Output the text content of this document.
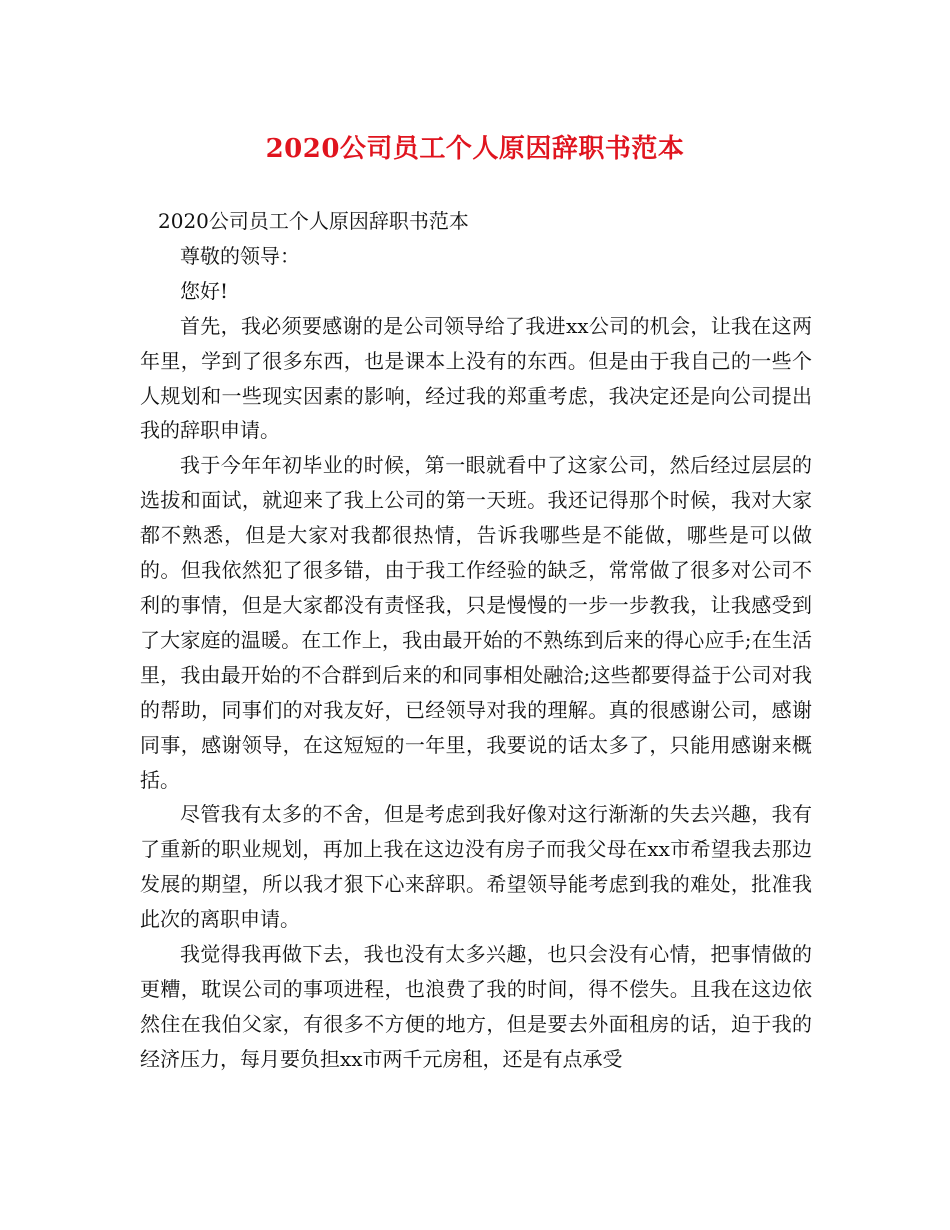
2020公司员工个人原因辞职书范本

2020公司员工个人原因辞职书范本

尊敬的领导：

您好!

首先，我必须要感谢的是公司领导给了我进xx公司的机会，让我在这两年里，学到了很多东西，也是课本上没有的东西。但是由于我自己的一些个人规划和一些现实因素的影响，经过我的郑重考虑，我决定还是向公司提出我的辞职申请。

我于今年年初毕业的时候，第一眼就看中了这家公司，然后经过层层的选拔和面试，就迎来了我上公司的第一天班。我还记得那个时候，我对大家都不熟悉，但是大家对我都很热情，告诉我哪些是不能做，哪些是可以做的。但我依然犯了很多错，由于我工作经验的缺乏，常常做了很多对公司不利的事情，但是大家都没有责怪我，只是慢慢的一步一步教我，让我感受到了大家庭的温暖。在工作上，我由最开始的不熟练到后来的得心应手;在生活里，我由最开始的不合群到后来的和同事相处融洽;这些都要得益于公司对我的帮助，同事们的对我友好，已经领导对我的理解。真的很感谢公司，感谢同事，感谢领导，在这短短的一年里，我要说的话太多了，只能用感谢来概括。

尽管我有太多的不舍，但是考虑到我好像对这行渐渐的失去兴趣，我有了重新的职业规划，再加上我在这边没有房子而我父母在xx市希望我去那边发展的期望，所以我才狠下心来辞职。希望领导能考虑到我的难处，批准我此次的离职申请。

我觉得我再做下去，我也没有太多兴趣，也只会没有心情，把事情做的更糟，耽误公司的事项进程，也浪费了我的时间，得不偿失。且我在这边依然住在我伯父家，有很多不方便的地方，但是要去外面租房的话，迫于我的经济压力，每月要负担xx市两千元房租，还是有点承受
